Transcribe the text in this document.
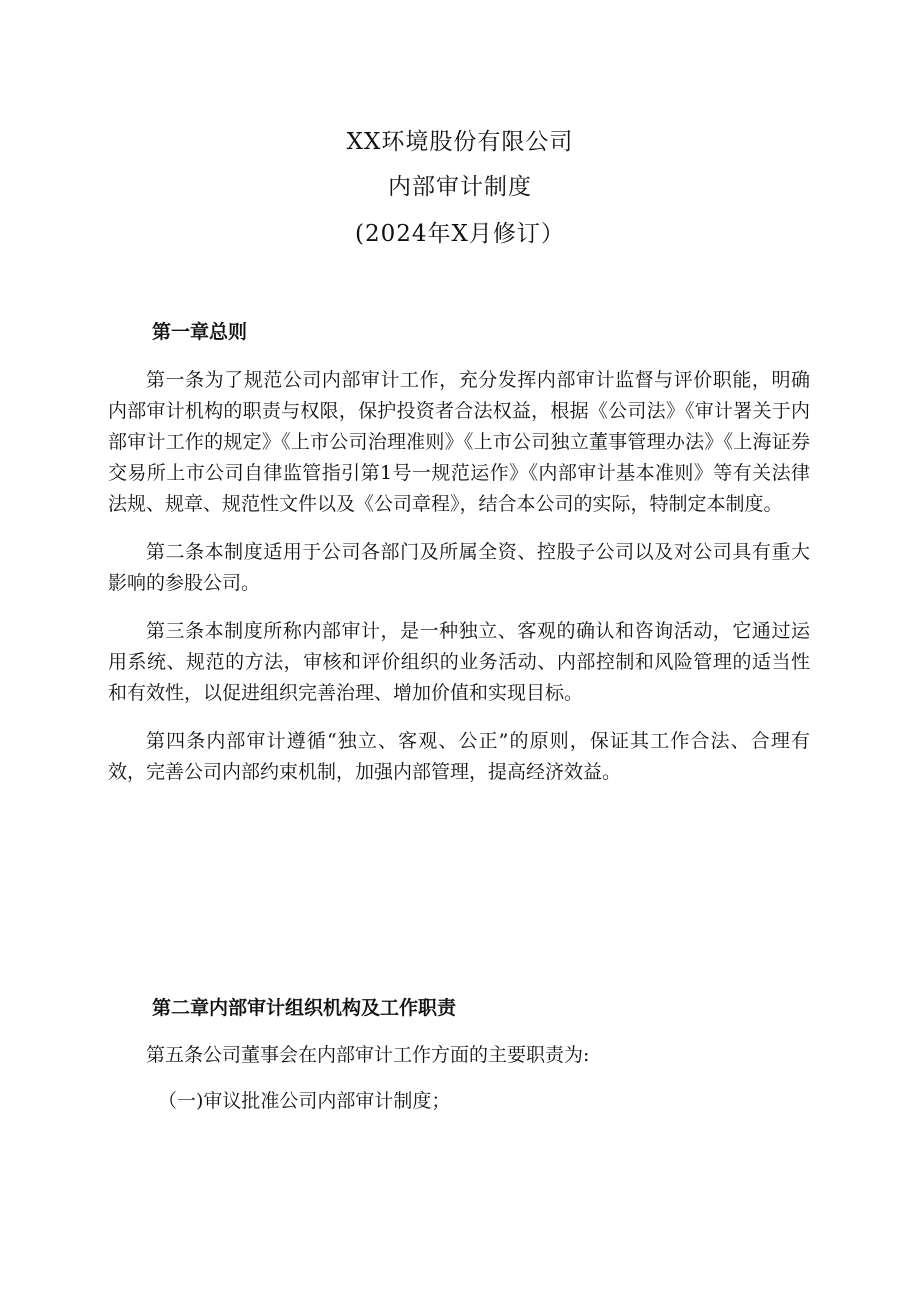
XX环境股份有限公司
内部审计制度
(2024年X月修订）
第一章总则

第一条为了规范公司内部审计工作，充分发挥内部审计监督与评价职能，明确内部审计机构的职责与权限，保护投资者合法权益，根据《公司法》《审计署关于内部审计工作的规定》《上市公司治理准则》《上市公司独立董事管理办法》《上海证券交易所上市公司自律监管指引第1号一规范运作》《内部审计基本准则》等有关法律法规、规章、规范性文件以及《公司章程》，结合本公司的实际，特制定本制度。

第二条本制度适用于公司各部门及所属全资、控股子公司以及对公司具有重大影响的参股公司。

第三条本制度所称内部审计，是一种独立、客观的确认和咨询活动，它通过运用系统、规范的方法，审核和评价组织的业务活动、内部控制和风险管理的适当性和有效性，以促进组织完善治理、增加价值和实现目标。

第四条内部审计遵循“独立、客观、公正”的原则，保证其工作合法、合理有效，完善公司内部约束机制，加强内部管理，提高经济效益。

第二章内部审计组织机构及工作职责

第五条公司董事会在内部审计工作方面的主要职责为:

（一)审议批准公司内部审计制度；
